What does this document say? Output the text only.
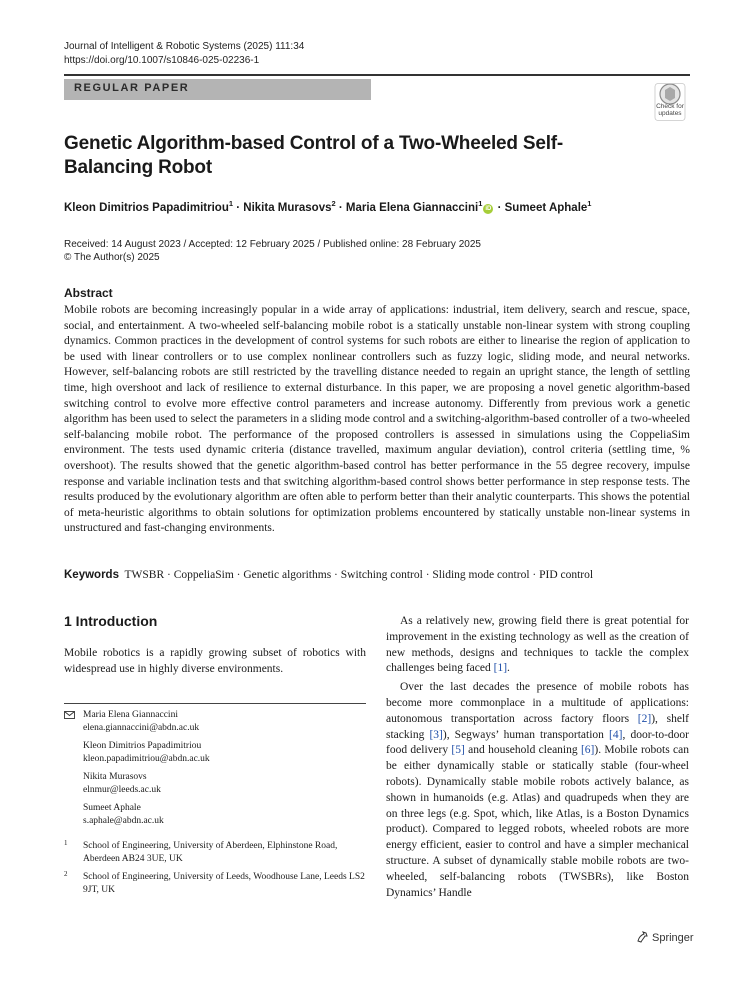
Journal of Intelligent & Robotic Systems (2025) 111:34
https://doi.org/10.1007/s10846-025-02236-1
REGULAR PAPER
Check for updates
Genetic Algorithm-based Control of a Two-Wheeled Self-Balancing Robot
Kleon Dimitrios Papadimitriou$^1$ · Nikita Murasovs$^2$ · Maria Elena Giannaccini$^1$iD · Sumeet Aphale$^1$
Received: 14 August 2023 / Accepted: 12 February 2025 / Published online: 28 February 2025
© The Author(s) 2025
Abstract

Mobile robots are becoming increasingly popular in a wide array of applications: industrial, item delivery, search and rescue, space, social, and entertainment. A two-wheeled self-balancing mobile robot is a statically unstable non-linear system with strong coupling dynamics. Common practices in the development of control systems for such robots are either to linearise the region of application to be used with linear controllers or to use complex nonlinear controllers such as fuzzy logic, sliding mode, and neural networks. However, self-balancing robots are still restricted by the travelling distance needed to regain an upright stance, the length of settling time, high overshoot and lack of resilience to external disturbance. In this paper, we are proposing a novel genetic algorithm-based switching control to evolve more effective control parameters and increase autonomy. Differently from previous work a genetic algorithm has been used to select the parameters in a sliding mode control and a switching-algorithm-based controller of a two-wheeled self-balancing mobile robot. The performance of the proposed controllers is assessed in simulations using the CoppeliaSim environment. The tests used dynamic criteria (distance travelled, maximum angular deviation), control criteria (settling time, % overshoot). The results showed that the genetic algorithm-based control has better performance in the 55 degree recovery, impulse response and variable inclination tests and that switching algorithm-based control shows better performance in step response tests. The results produced by the evolutionary algorithm are often able to perform better than their analytic counterparts. This shows the potential of meta-heuristic algorithms to obtain solutions for optimization problems encountered by statically unstable non-linear systems in unstructured and fast-changing environments.

Keywords TWSBR · CoppeliaSim · Genetic algorithms · Switching control · Sliding mode control · PID control
1 Introduction

Mobile robotics is a rapidly growing subset of robotics with widespread use in highly diverse environments.

Maria Elena Giannaccini
elena.giannaccini@abdn.ac.uk
Kleon Dimitrios Papadimitriou
kleon.papadimitriou@abdn.ac.uk
Nikita Murasovs
elnmur@leeds.ac.uk
Sumeet Aphale
s.aphale@abdn.ac.uk
1 School of Engineering, University of Aberdeen, Elphinstone Road, Aberdeen AB24 3UE, UK
2 School of Engineering, University of Leeds, Woodhouse Lane, Leeds LS2 9JT, UK

As a relatively new, growing field there is great potential for improvement in the existing technology as well as the creation of new methods, designs and techniques to tackle the complex challenges being faced [1].

Over the last decades the presence of mobile robots has become more commonplace in a multitude of applications: autonomous transportation across factory floors [2]), shelf stacking [3]), Segways’ human transportation [4], door-to-door food delivery [5] and household cleaning [6]). Mobile robots can be either dynamically stable or statically stable (four-wheel robots). Dynamically stable mobile robots actively balance, as shown in humanoids (e.g. Atlas) and quadrupeds when they are on three legs (e.g. Spot, which, like Atlas, is a Boston Dynamics product). Compared to legged robots, wheeled robots are more energy efficient, easier to control and have a simpler mechanical structure. A subset of dynamically stable mobile robots are two-wheeled, self-balancing robots (TWSBRs), like Boston Dynamics’ Handle

Springer
